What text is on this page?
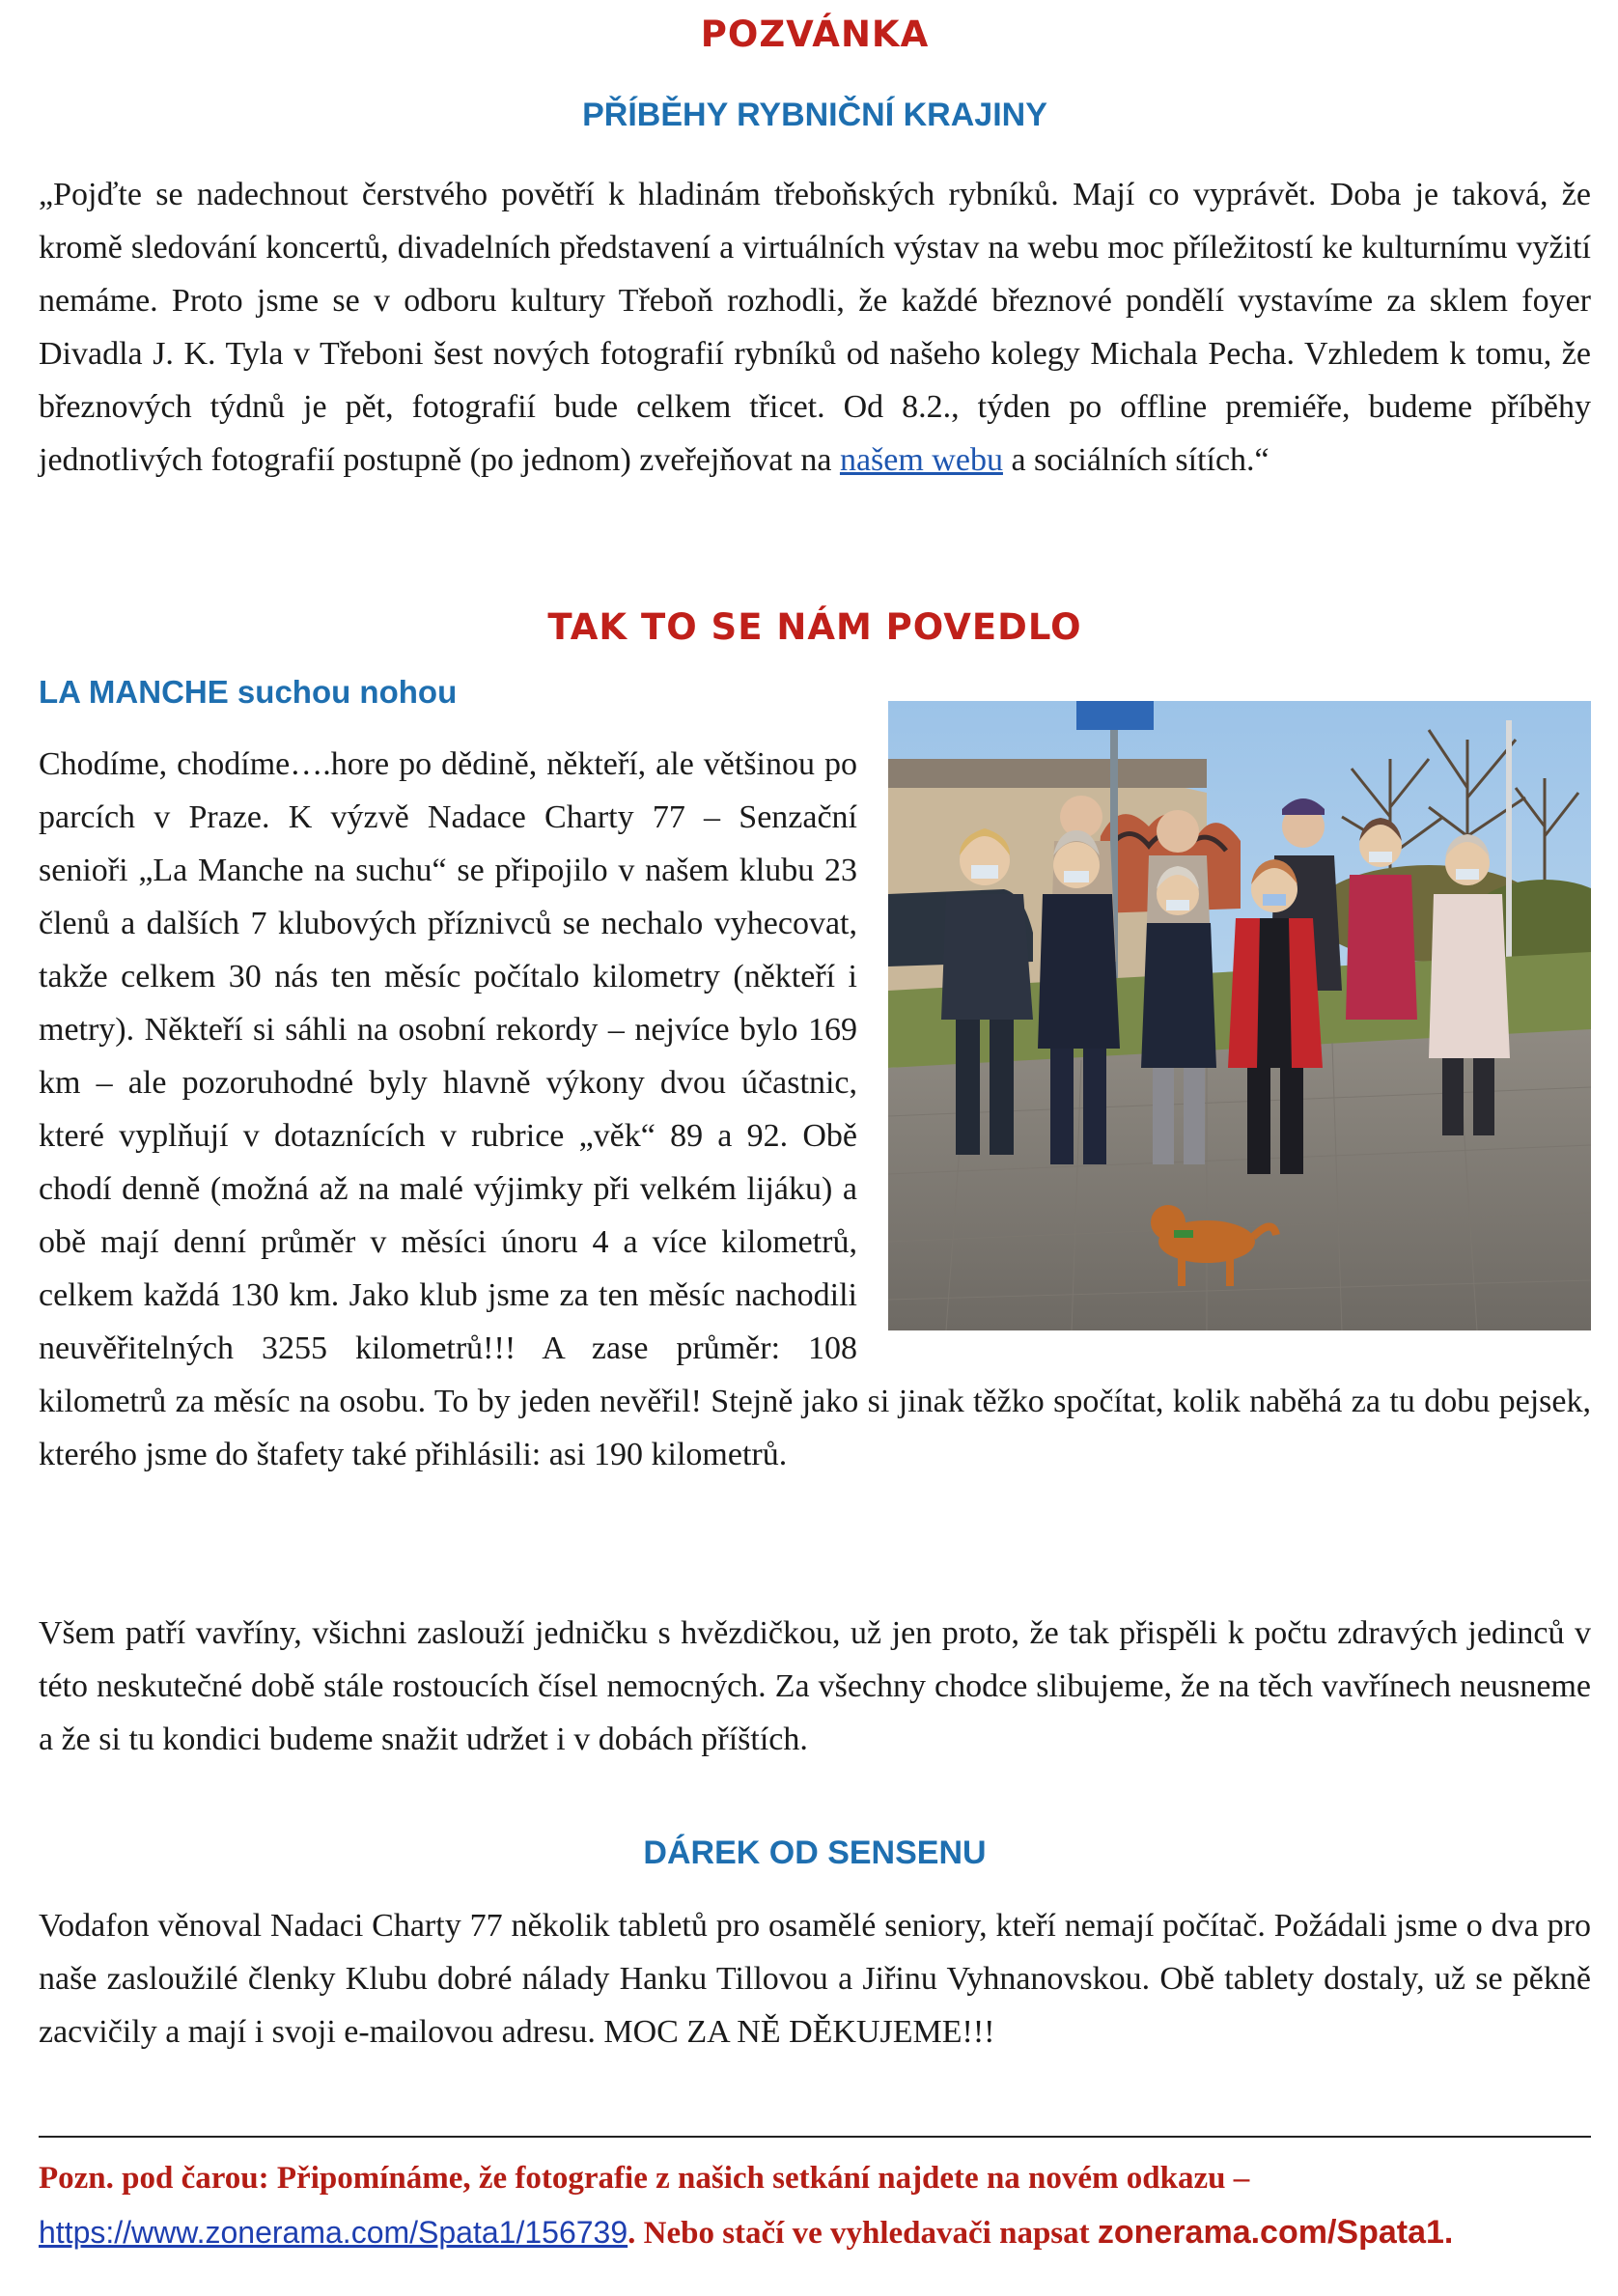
POZVÁNKA
PŘÍBĚHY RYBNIČNÍ KRAJINY

„Pojďte se nadechnout čerstvého povětří k hladinám třeboňských rybníků. Mají co vyprávět. Doba je taková, že kromě sledování koncertů, divadelních představení a virtuálních výstav na webu moc příležitostí ke kulturnímu vyžití nemáme. Proto jsme se v odboru kultury Třeboň rozhodli, že každé březnové pondělí vystavíme za sklem foyer Divadla J. K. Tyla v Třeboni šest nových fotografií rybníků od našeho kolegy Michala Pecha. Vzhledem k tomu, že březnových týdnů je pět, fotografií bude celkem třicet. Od 8.2., týden po offline premiéře, budeme příběhy jednotlivých fotografií postupně (po jednom) zveřejňovat na našem webu a sociálních sítích.“

TAK TO SE NÁM POVEDLO
LA MANCHE suchou nohou

Chodíme, chodíme….hore po dědině, někteří, ale většinou po parcích v Praze. K výzvě Nadace Charty 77 – Senzační senioři „La Manche na suchu“ se připojilo v našem klubu 23 členů a dalších 7 klubových příznivců se nechalo vyhecovat, takže celkem 30 nás ten měsíc počítalo kilometry (někteří i metry). Někteří si sáhli na osobní rekordy – nejvíce bylo 169 km – ale pozoruhodné byly hlavně výkony dvou účastnic, které vyplňují v dotaznících v rubrice „věk“ 89 a 92. Obě chodí denně (možná až na malé výjimky při velkém lijáku) a obě mají denní průměr v měsíci únoru 4 a více kilometrů, celkem každá 130 km. Jako klub jsme za ten měsíc nachodili neuvěřitelných 3255 kilometrů!!! A zase průměr: 108 kilometrů za měsíc na osobu. To by jeden nevěřil! Stejně jako si jinak těžko spočítat, kolik naběhá za tu dobu pejsek, kterého jsme do štafety také přihlásili: asi 190 kilometrů.

Všem patří vavříny, všichni zaslouží jedničku s hvězdičkou, už jen proto, že tak přispěli k počtu zdravých jedinců v této neskutečné době stále rostoucích čísel nemocných. Za všechny chodce slibujeme, že na těch vavřínech neusneme a že si tu kondici budeme snažit udržet i v dobách příštích.

DÁREK OD SENSENU

Vodafon věnoval Nadaci Charty 77 několik tabletů pro osamělé seniory, kteří nemají počítač. Požádali jsme o dva pro naše zasloužilé členky Klubu dobré nálady Hanku Tillovou a Jiřinu Vyhnanovskou. Obě tablety dostaly, už se pěkně zacvičily a mají i svoji e-mailovou adresu. MOC ZA NĚ DĚKUJEME!!!

Pozn. pod čarou: Připomínáme, že fotografie z našich setkání najdete na novém odkazu –
https://www.zonerama.com/Spata1/156739. Nebo stačí ve vyhledavači napsat zonerama.com/Spata1.
